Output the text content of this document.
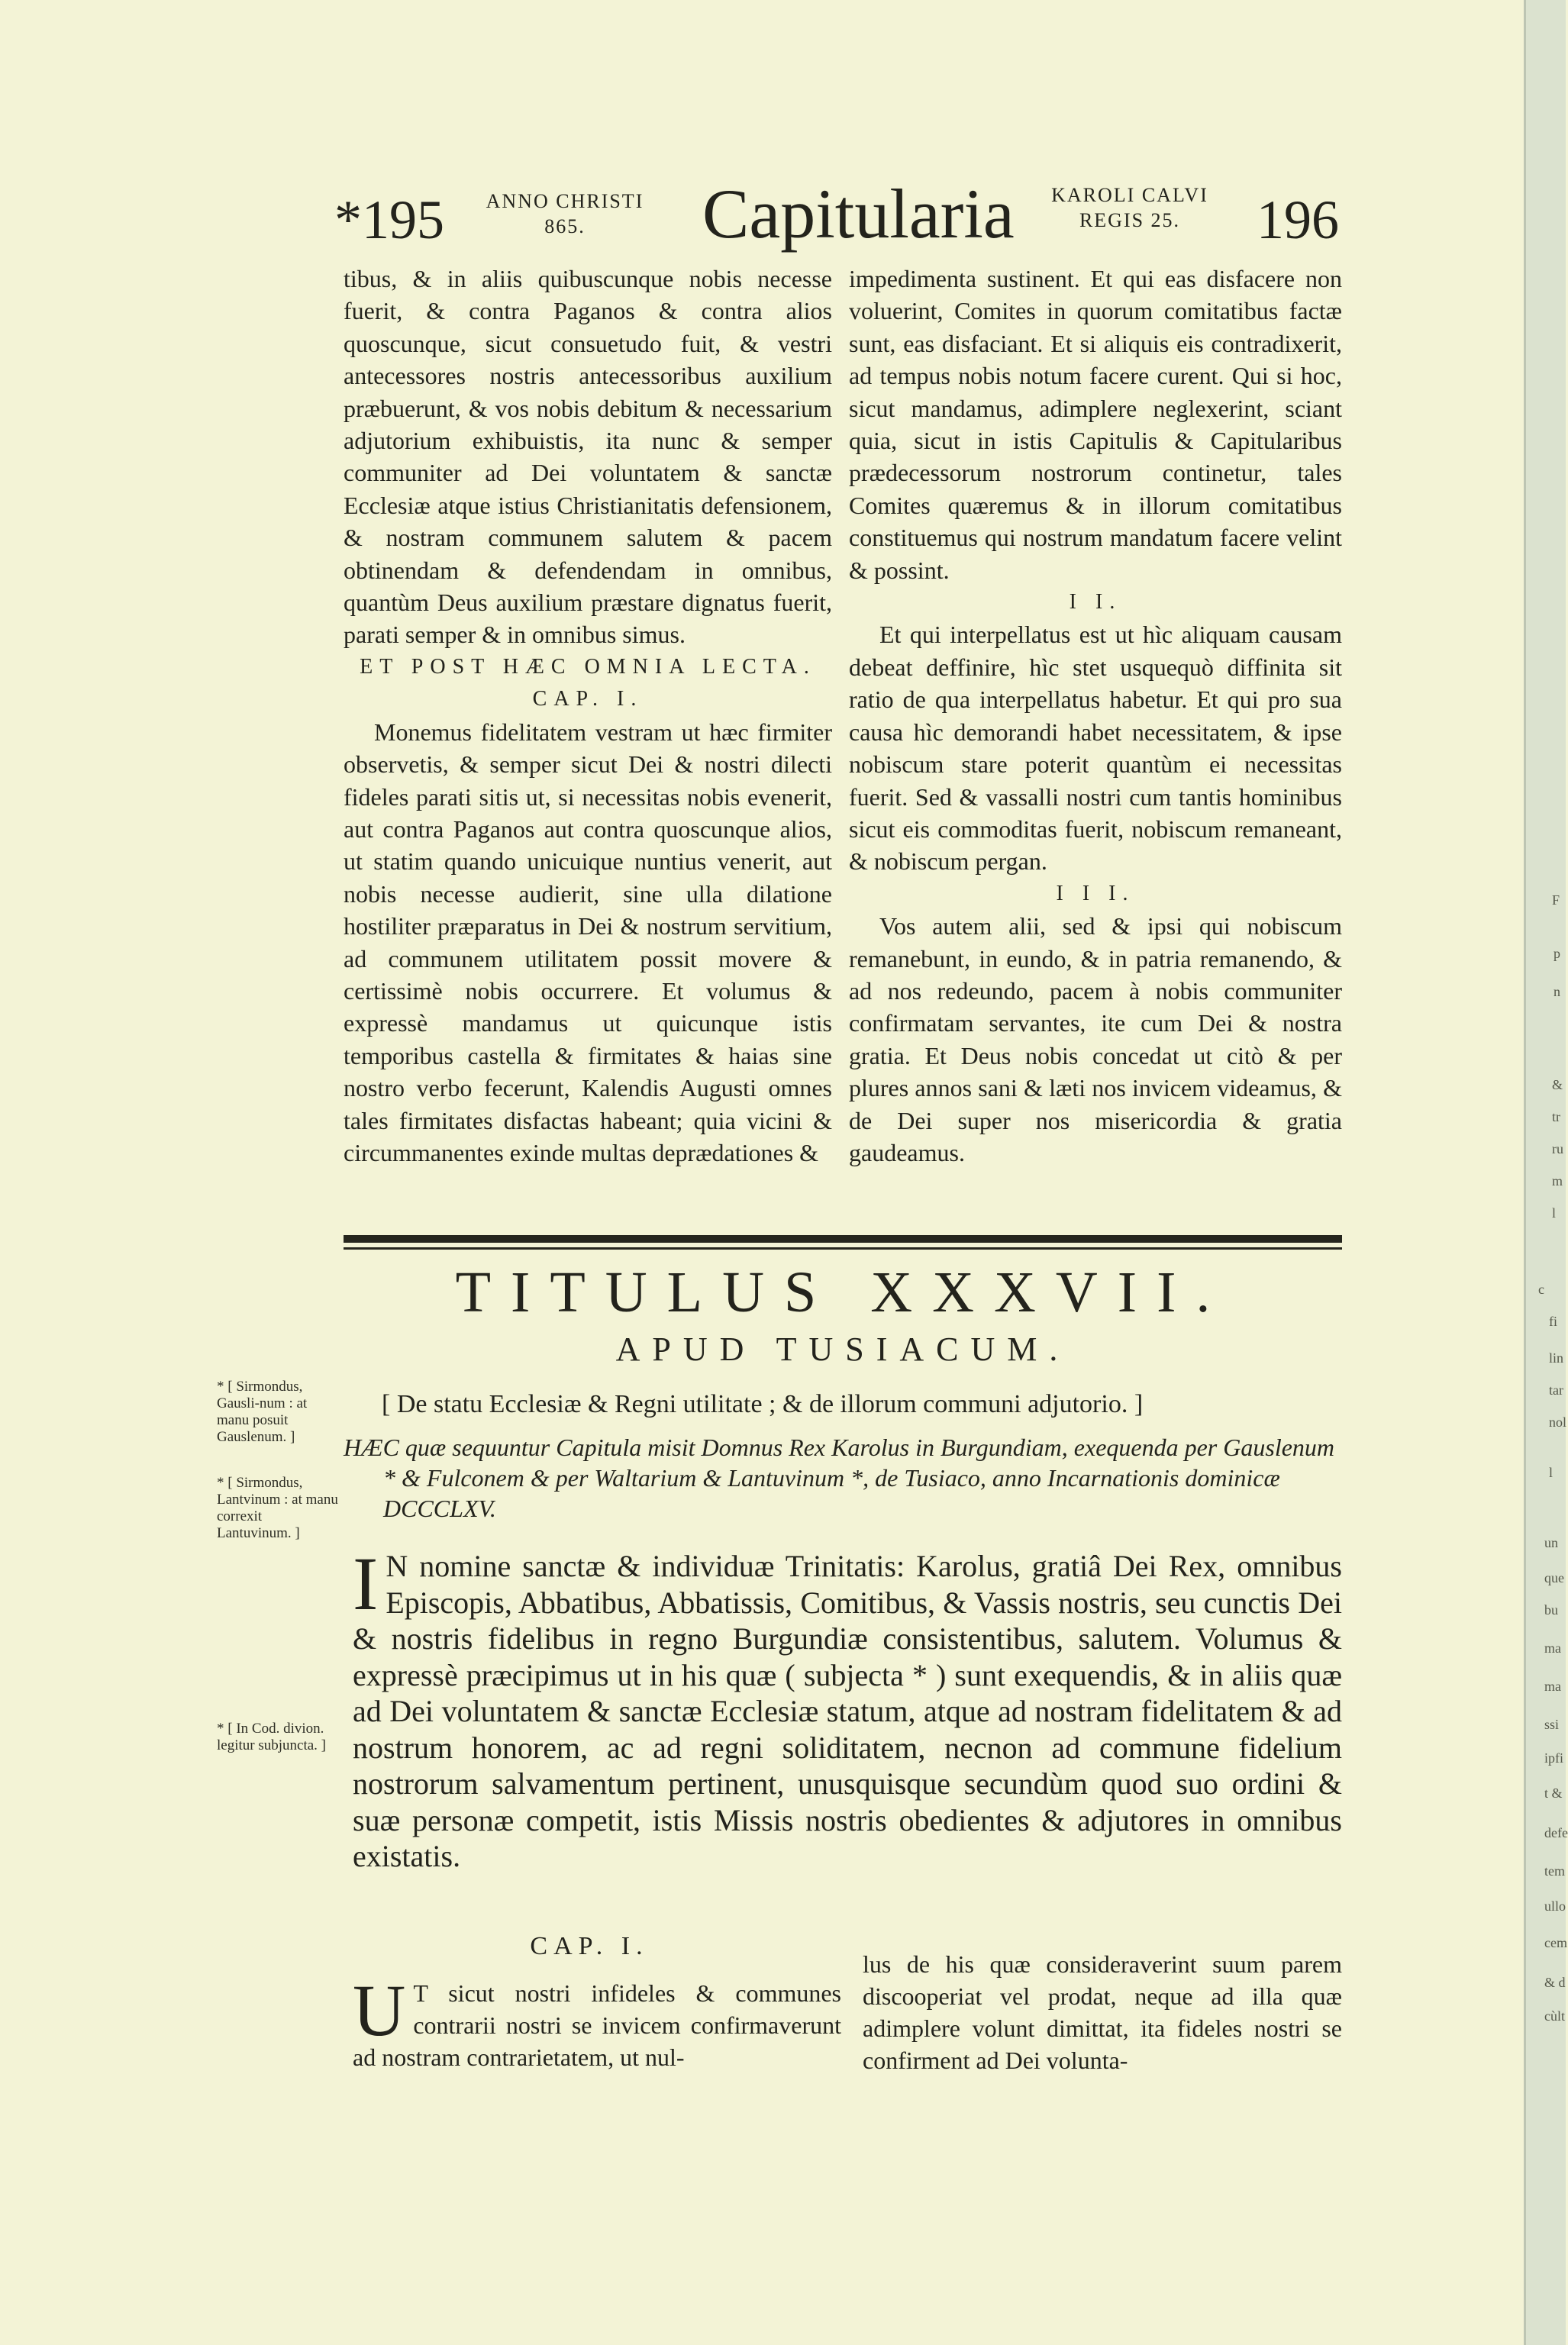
F
p
n
&
tr
ru
m
l
c
fi
lin
tar
nol
l
un
que
bu
ma
ma
ssi
ipfi
t &
defe
tem
ullo
cem
& d
cùlt
*195 ANNO CHRISTI
865.	Capitularia	KAROLI CALVI
REGIS 25.	196

tibus, & in aliis quibuscunque nobis necesse fuerit, & contra Paganos & contra alios quoscunque, sicut consuetudo fuit, & vestri antecessores nostris antecessoribus auxilium præbuerunt, & vos nobis debitum & necessarium adjutorium exhibuistis, ita nunc & semper communiter ad Dei voluntatem & sanctæ Ecclesiæ atque istius Christianitatis defensionem, & nostram communem salutem & pacem obtinendam & defendendam in omnibus, quantùm Deus auxilium præstare dignatus fuerit, parati semper & in omnibus simus.

ET POST HÆC OMNIA LECTA.

CAP. I.

Monemus fidelitatem vestram ut hæc firmiter observetis, & semper sicut Dei & nostri dilecti fideles parati sitis ut, si necessitas nobis evenerit, aut contra Paganos aut contra quoscunque alios, ut statim quando unicuique nuntius venerit, aut nobis necesse audierit, sine ulla dilatione hostiliter præparatus in Dei & nostrum servitium, ad communem utilitatem possit movere & certissimè nobis occurrere. Et volumus & expressè mandamus ut quicunque istis temporibus castella & firmitates & haias sine nostro verbo fecerunt, Kalendis Augusti omnes tales firmitates disfactas habeant; quia vicini & circummanentes exinde multas deprædationes &

impedimenta sustinent. Et qui eas disfacere non voluerint, Comites in quorum comitatibus factæ sunt, eas disfaciant. Et si aliquis eis contradixerit, ad tempus nobis notum facere curent. Qui si hoc, sicut mandamus, adimplere neglexerint, sciant quia, sicut in istis Capitulis & Capitularibus prædecessorum nostrorum continetur, tales Comites quæremus & in illorum comitatibus constituemus qui nostrum mandatum facere velint & possint.

I I.

Et qui interpellatus est ut hìc aliquam causam debeat deffinire, hìc stet usquequò diffinita sit ratio de qua interpellatus habetur. Et qui pro sua causa hìc demorandi habet necessitatem, & ipse nobiscum stare poterit quantùm ei necessitas fuerit. Sed & vassalli nostri cum tantis hominibus sicut eis commoditas fuerit, nobiscum remaneant, & nobiscum pergan.

I I I.

Vos autem alii, sed & ipsi qui nobiscum remanebunt, in eundo, & in patria remanendo, & ad nos redeundo, pacem à nobis communiter confirmatam servantes, ite cum Dei & nostra gratia. Et Deus nobis concedat ut citò & per plures annos sani & læti nos invicem videamus, & de Dei super nos misericordia & gratia gaudeamus.

TITULUS XXXVII.
APUD TUSIACUM.
[ De statu Ecclesiæ & Regni utilitate ; & de illorum communi adjutorio. ]
HÆC quæ sequuntur Capitula misit Domnus Rex Karolus in Burgundiam, exequenda per Gauslenum * & Fulconem & per Waltarium & Lantuvinum *, de Tusiaco, anno Incarnationis dominicæ DCCCLXV.
* [ Sirmondus, Gausli-num : at manu posuit Gauslenum. ]
* [ Sirmondus, Lantvinum : at manu correxit Lantuvinum. ]
* [ In Cod. divion. legitur subjuncta. ]
I N nomine sanctæ & individuæ Trinitatis: Karolus, gratiâ Dei Rex, omnibus Episcopis, Abbatibus, Abbatissis, Comitibus, & Vassis nostris, seu cunctis Dei & nostris fidelibus in regno Burgundiæ consistentibus, salutem. Volumus & expressè præcipimus ut in his quæ ( subjecta * ) sunt exequendis, & in aliis quæ ad Dei voluntatem & sanctæ Ecclesiæ statum, atque ad nostram fidelitatem & ad nostrum honorem, ac ad regni soliditatem, necnon ad commune fidelium nostrorum salvamentum pertinent, unusquisque secundùm quod suo ordini & suæ personæ competit, istis Missis nostris obedientes & adjutores in omnibus existatis.
CAP. I.
U T sicut nostri infideles & communes contrarii nostri se invicem confirmaverunt ad nostram contrarietatem, ut nul-
lus de his quæ consideraverint suum parem discooperiat vel prodat, neque ad illa quæ adimplere volunt dimittat, ita fideles nostri se confirment ad Dei volunta-
